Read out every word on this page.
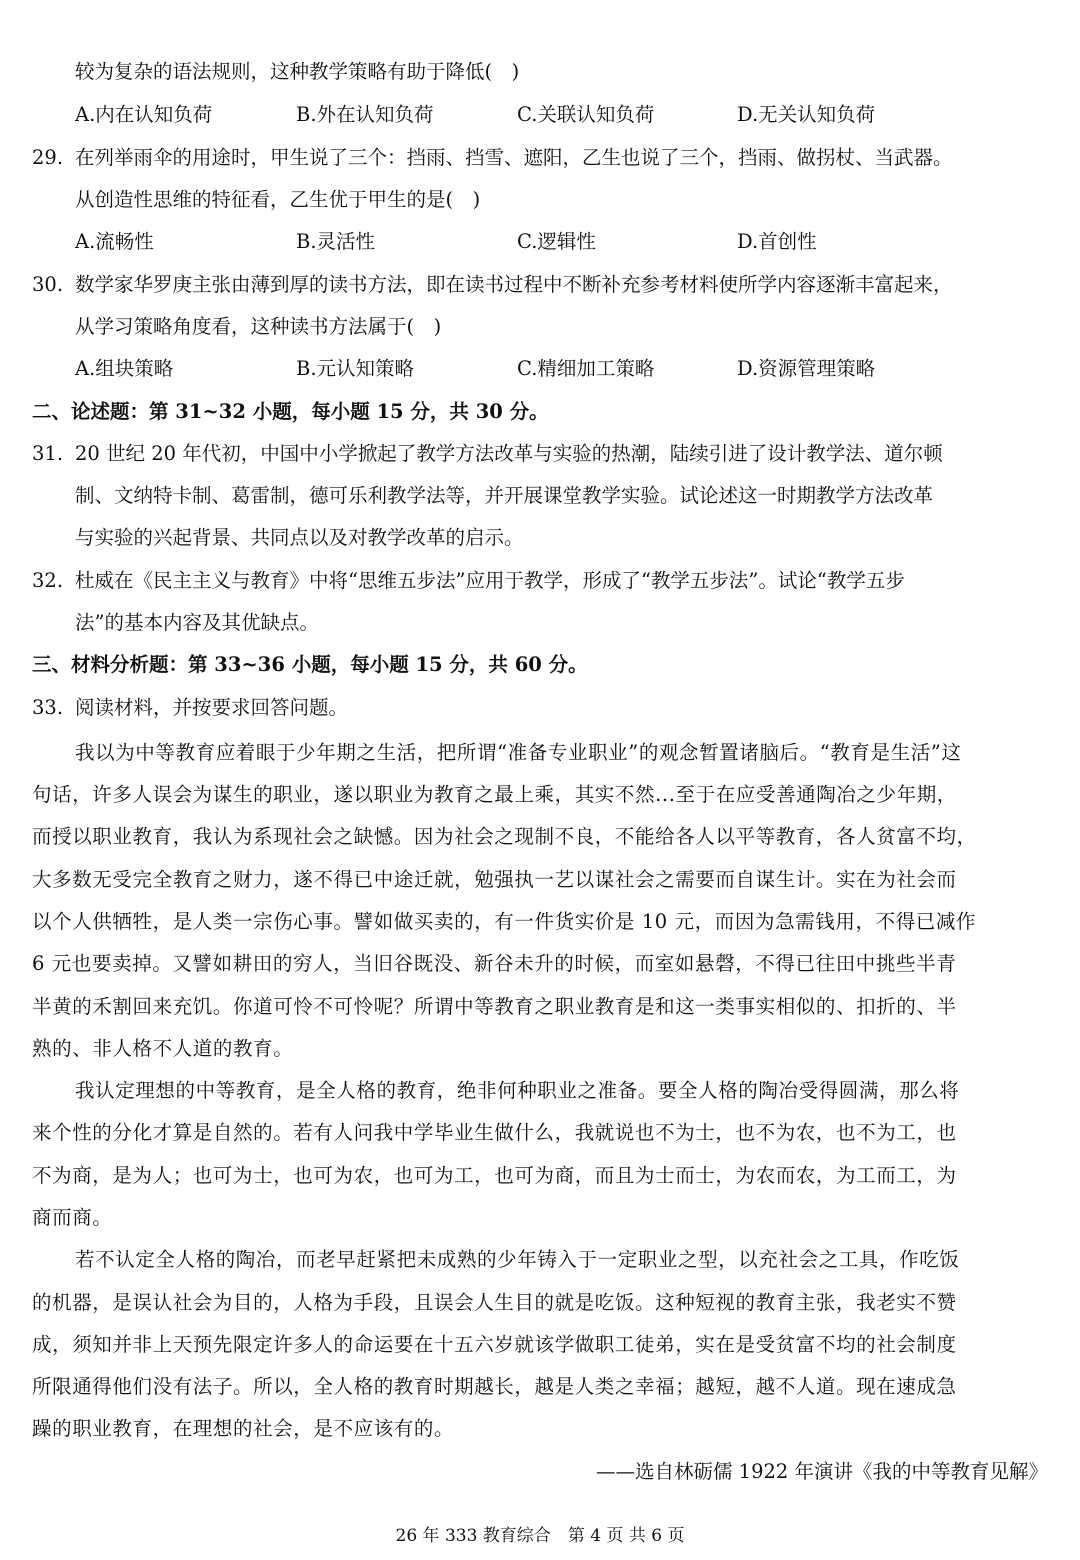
较为复杂的语法规则，这种教学策略有助于降低(　)
A.内在认知负荷	B.外在认知负荷	C.关联认知负荷	D.无关认知负荷
29. 在列举雨伞的用途时，甲生说了三个：挡雨、挡雪、遮阳，乙生也说了三个，挡雨、做拐杖、当武器。
从创造性思维的特征看，乙生优于甲生的是(　)
A.流畅性	B.灵活性	C.逻辑性	D.首创性
30. 数学家华罗庚主张由薄到厚的读书方法，即在读书过程中不断补充参考材料使所学内容逐渐丰富起来，
从学习策略角度看，这种读书方法属于(　)
A.组块策略	B.元认知策略	C.精细加工策略	D.资源管理策略
二、论述题：第 31~32 小题，每小题 15 分，共 30 分。
31. 20 世纪 20 年代初，中国中小学掀起了教学方法改革与实验的热潮，陆续引进了设计教学法、道尔顿
制、文纳特卡制、葛雷制，德可乐利教学法等，并开展课堂教学实验。试论述这一时期教学方法改革
与实验的兴起背景、共同点以及对教学改革的启示。
32. 杜威在《民主主义与教育》中将“思维五步法”应用于教学，形成了“教学五步法”。试论“教学五步
法”的基本内容及其优缺点。
三、材料分析题：第 33~36 小题，每小题 15 分，共 60 分。
33. 阅读材料，并按要求回答问题。
我以为中等教育应着眼于少年期之生活，把所谓“准备专业职业”的观念暂置诸脑后。“教育是生活”这
句话，许多人误会为谋生的职业，遂以职业为教育之最上乘，其实不然...至于在应受善通陶冶之少年期，
而授以职业教育，我认为系现社会之缺憾。因为社会之现制不良，不能给各人以平等教育，各人贫富不均，
大多数无受完全教育之财力，遂不得已中途迁就，勉强执一艺以谋社会之需要而自谋生计。实在为社会而
以个人供牺牲，是人类一宗伤心事。譬如做买卖的，有一件货实价是 10 元，而因为急需钱用，不得已减作
6 元也要卖掉。又譬如耕田的穷人，当旧谷既没、新谷未升的时候，而室如悬磬，不得已往田中挑些半青
半黄的禾割回来充饥。你道可怜不可怜呢？所谓中等教育之职业教育是和这一类事实相似的、扣折的、半
熟的、非人格不人道的教育。
我认定理想的中等教育，是全人格的教育，绝非何种职业之准备。要全人格的陶冶受得圆满，那么将
来个性的分化才算是自然的。若有人问我中学毕业生做什么，我就说也不为士，也不为农，也不为工，也
不为商，是为人；也可为士，也可为农，也可为工，也可为商，而且为士而士，为农而农，为工而工，为
商而商。
若不认定全人格的陶冶，而老早赶紧把未成熟的少年铸入于一定职业之型，以充社会之工具，作吃饭
的机器，是误认社会为目的，人格为手段，且误会人生目的就是吃饭。这种短视的教育主张，我老实不赞
成，须知并非上天预先限定许多人的命运要在十五六岁就该学做职工徒弟，实在是受贫富不均的社会制度
所限通得他们没有法子。所以，全人格的教育时期越长，越是人类之幸福；越短，越不人道。现在速成急
躁的职业教育，在理想的社会，是不应该有的。
——选自林砺儒 1922 年演讲《我的中等教育见解》
26 年 333 教育综合　第 4 页 共 6 页
